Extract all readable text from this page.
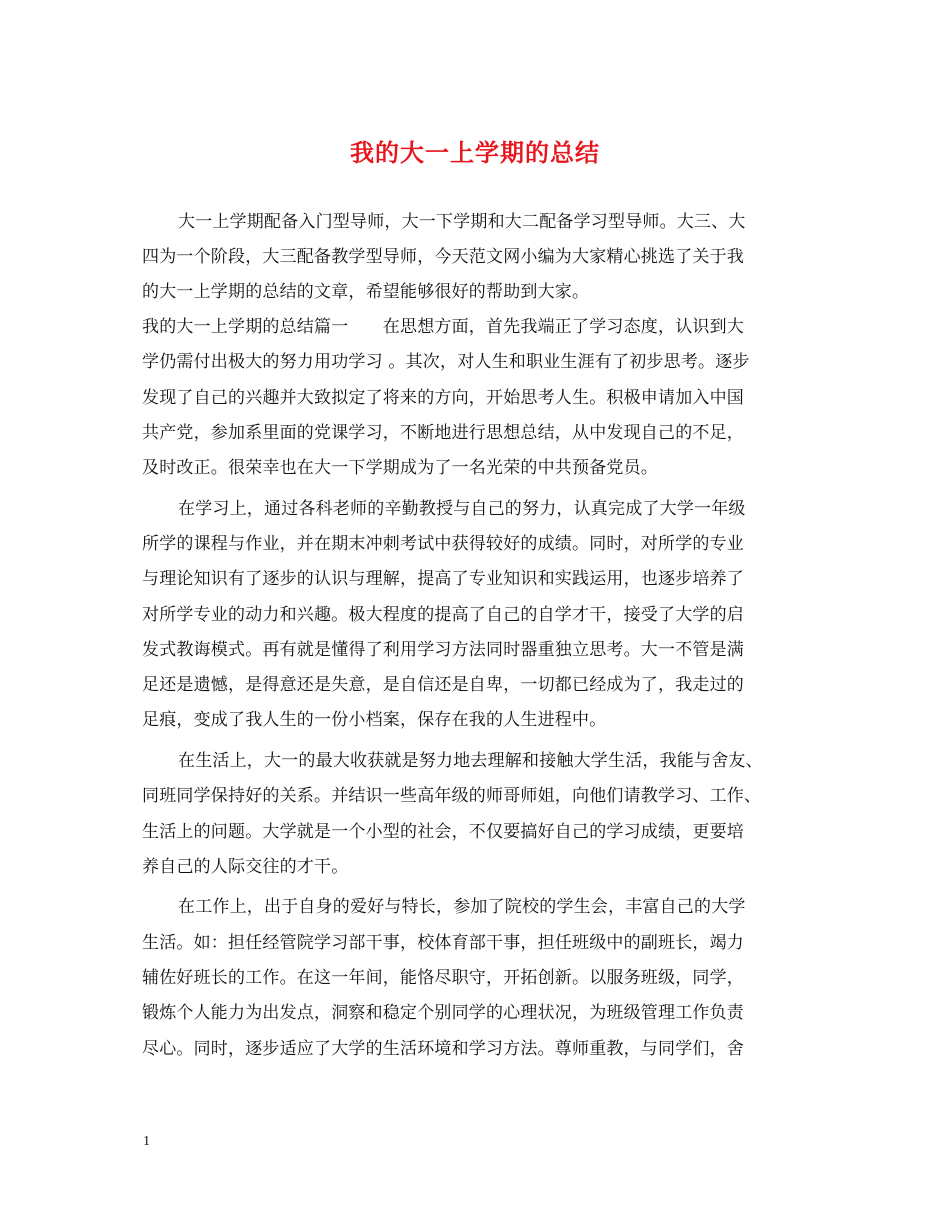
我的大一上学期的总结
大一上学期配备入门型导师，大一下学期和大二配备学习型导师。大三、大
四为一个阶段，大三配备教学型导师，今天范文网小编为大家精心挑选了关于我
的大一上学期的总结的文章，希望能够很好的帮助到大家。
我的大一上学期的总结篇一　　在思想方面，首先我端正了学习态度，认识到大
学仍需付出极大的努力用功学习 。其次，对人生和职业生涯有了初步思考。逐步
发现了自己的兴趣并大致拟定了将来的方向，开始思考人生。积极申请加入中国
共产党，参加系里面的党课学习，不断地进行思想总结，从中发现自己的不足，
及时改正。很荣幸也在大一下学期成为了一名光荣的中共预备党员。
在学习上，通过各科老师的辛勤教授与自己的努力，认真完成了大学一年级
所学的课程与作业，并在期末冲刺考试中获得较好的成绩。同时，对所学的专业
与理论知识有了逐步的认识与理解，提高了专业知识和实践运用，也逐步培养了
对所学专业的动力和兴趣。极大程度的提高了自己的自学才干，接受了大学的启
发式教诲模式。再有就是懂得了利用学习方法同时器重独立思考。大一不管是满
足还是遗憾，是得意还是失意，是自信还是自卑，一切都已经成为了，我走过的
足痕，变成了我人生的一份小档案，保存在我的人生进程中。
在生活上，大一的最大收获就是努力地去理解和接触大学生活，我能与舍友、
同班同学保持好的关系。并结识一些高年级的师哥师姐，向他们请教学习、工作、
生活上的问题。大学就是一个小型的社会，不仅要搞好自己的学习成绩，更要培
养自己的人际交往的才干。
在工作上，出于自身的爱好与特长，参加了院校的学生会，丰富自己的大学
生活。如：担任经管院学习部干事，校体育部干事，担任班级中的副班长，竭力
辅佐好班长的工作。在这一年间，能恪尽职守，开拓创新。以服务班级，同学，
锻炼个人能力为出发点，洞察和稳定个别同学的心理状况，为班级管理工作负责
尽心。同时，逐步适应了大学的生活环境和学习方法。尊师重教，与同学们，舍
1
